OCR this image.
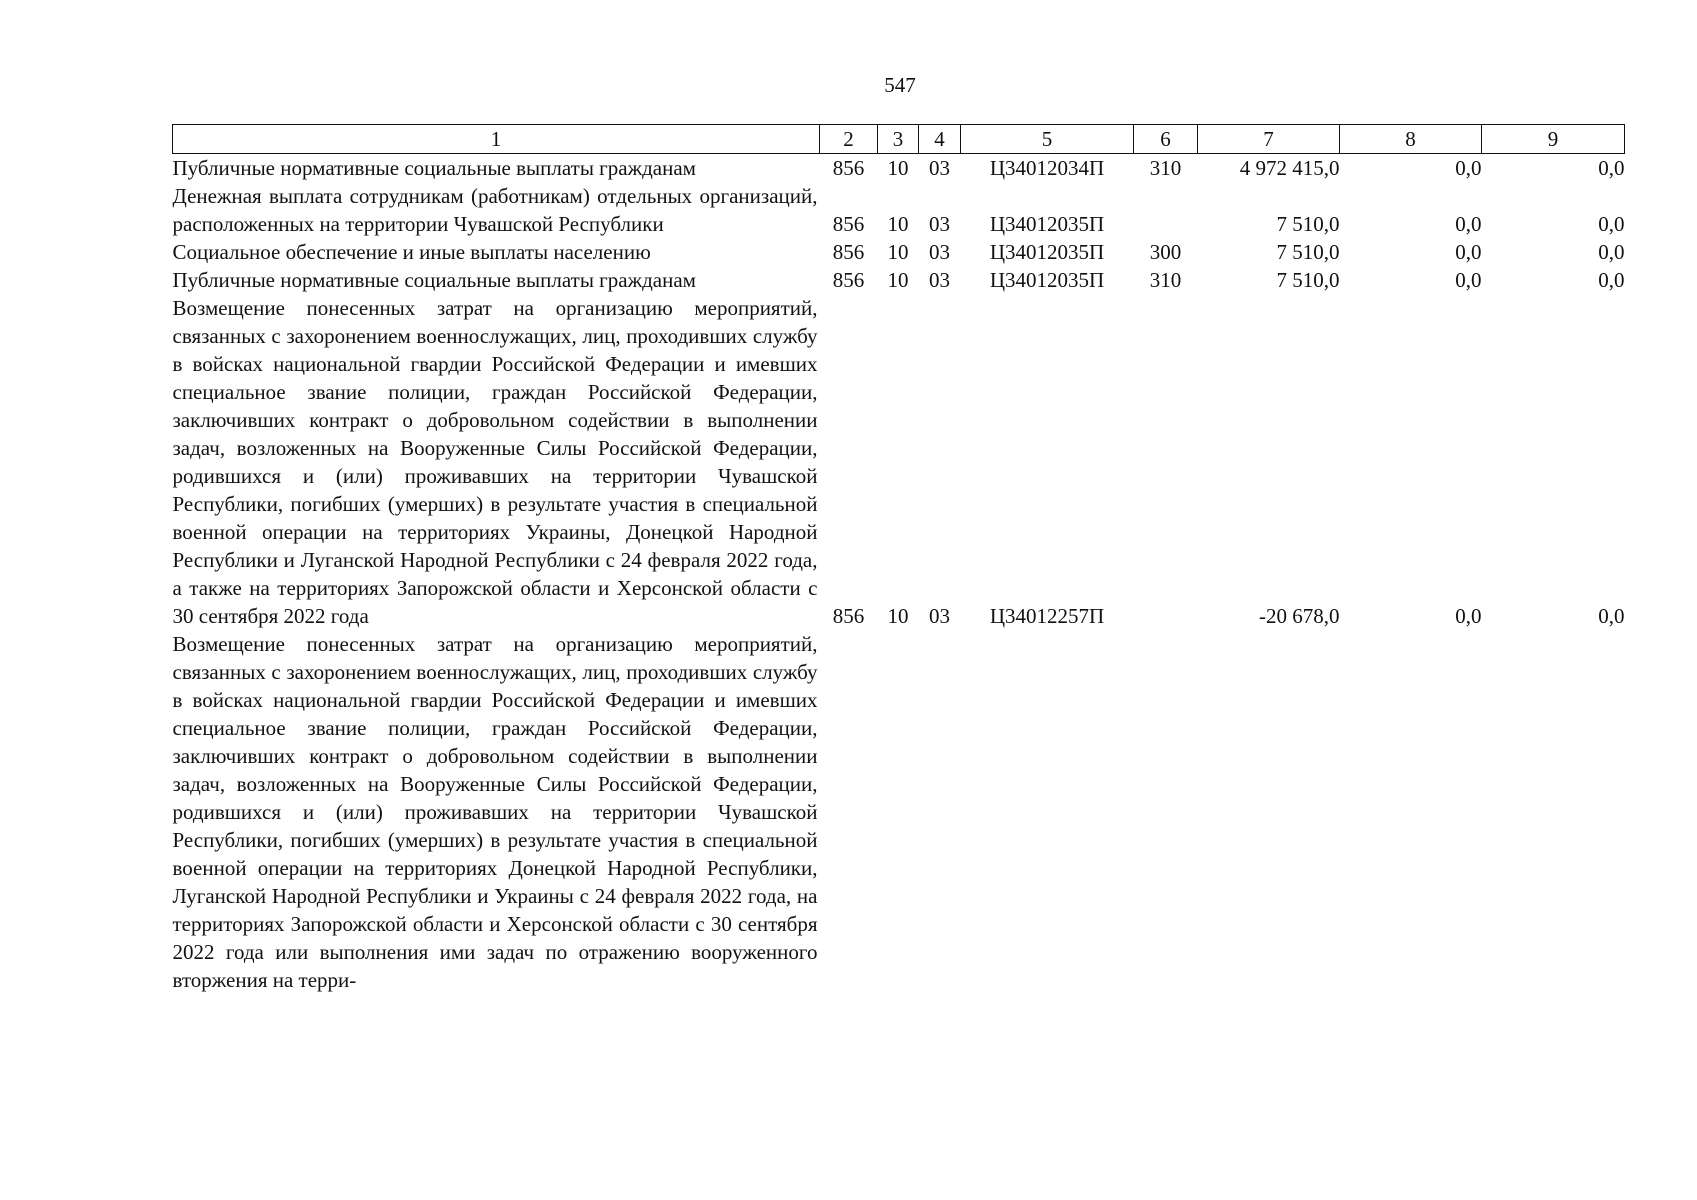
547
1	2	3	4	5	6	7	8	9
Публичные нормативные социальные выплаты гражданам	856	10	03	Ц34012034П	310	4 972 415,0	0,0	0,0
Денежная выплата сотрудникам (работникам) отдельных организаций, расположенных на территории Чувашской Республики	856	10	03	Ц34012035П		7 510,0	0,0	0,0
Социальное обеспечение и иные выплаты населению	856	10	03	Ц34012035П	300	7 510,0	0,0	0,0
Публичные нормативные социальные выплаты гражданам	856	10	03	Ц34012035П	310	7 510,0	0,0	0,0
Возмещение понесенных затрат на организацию мероприятий, связанных с захоронением военнослужащих, лиц, проходивших службу в войсках национальной гвардии Российской Федерации и имевших специальное звание полиции, граждан Российской Федерации, заключивших контракт о добровольном содействии в выполнении задач, возложенных на Вооруженные Силы Российской Федерации, родившихся и (или) проживавших на территории Чувашской Республики, погибших (умерших) в результате участия в специальной военной операции на территориях Украины, Донецкой Народной Республики и Луганской Народной Республики с 24 февраля 2022 года, а также на территориях Запорожской области и Херсонской области с 30 сентября 2022 года	856	10	03	Ц34012257П		-20 678,0	0,0	0,0
Возмещение понесенных затрат на организацию мероприятий, связанных с захоронением военнослужащих, лиц, проходивших службу в войсках национальной гвардии Российской Федерации и имевших специальное звание полиции, граждан Российской Федерации, заключивших контракт о добровольном содействии в выполнении задач, возложенных на Вооруженные Силы Российской Федерации, родившихся и (или) проживавших на территории Чувашской Республики, погибших (умерших) в результате участия в специальной военной операции на территориях Донецкой Народной Республики, Луганской Народной Республики и Украины с 24 февраля 2022 года, на территориях Запорожской области и Херсонской области с 30 сентября 2022 года или выполнения ими задач по отражению вооруженного вторжения на терри-								
